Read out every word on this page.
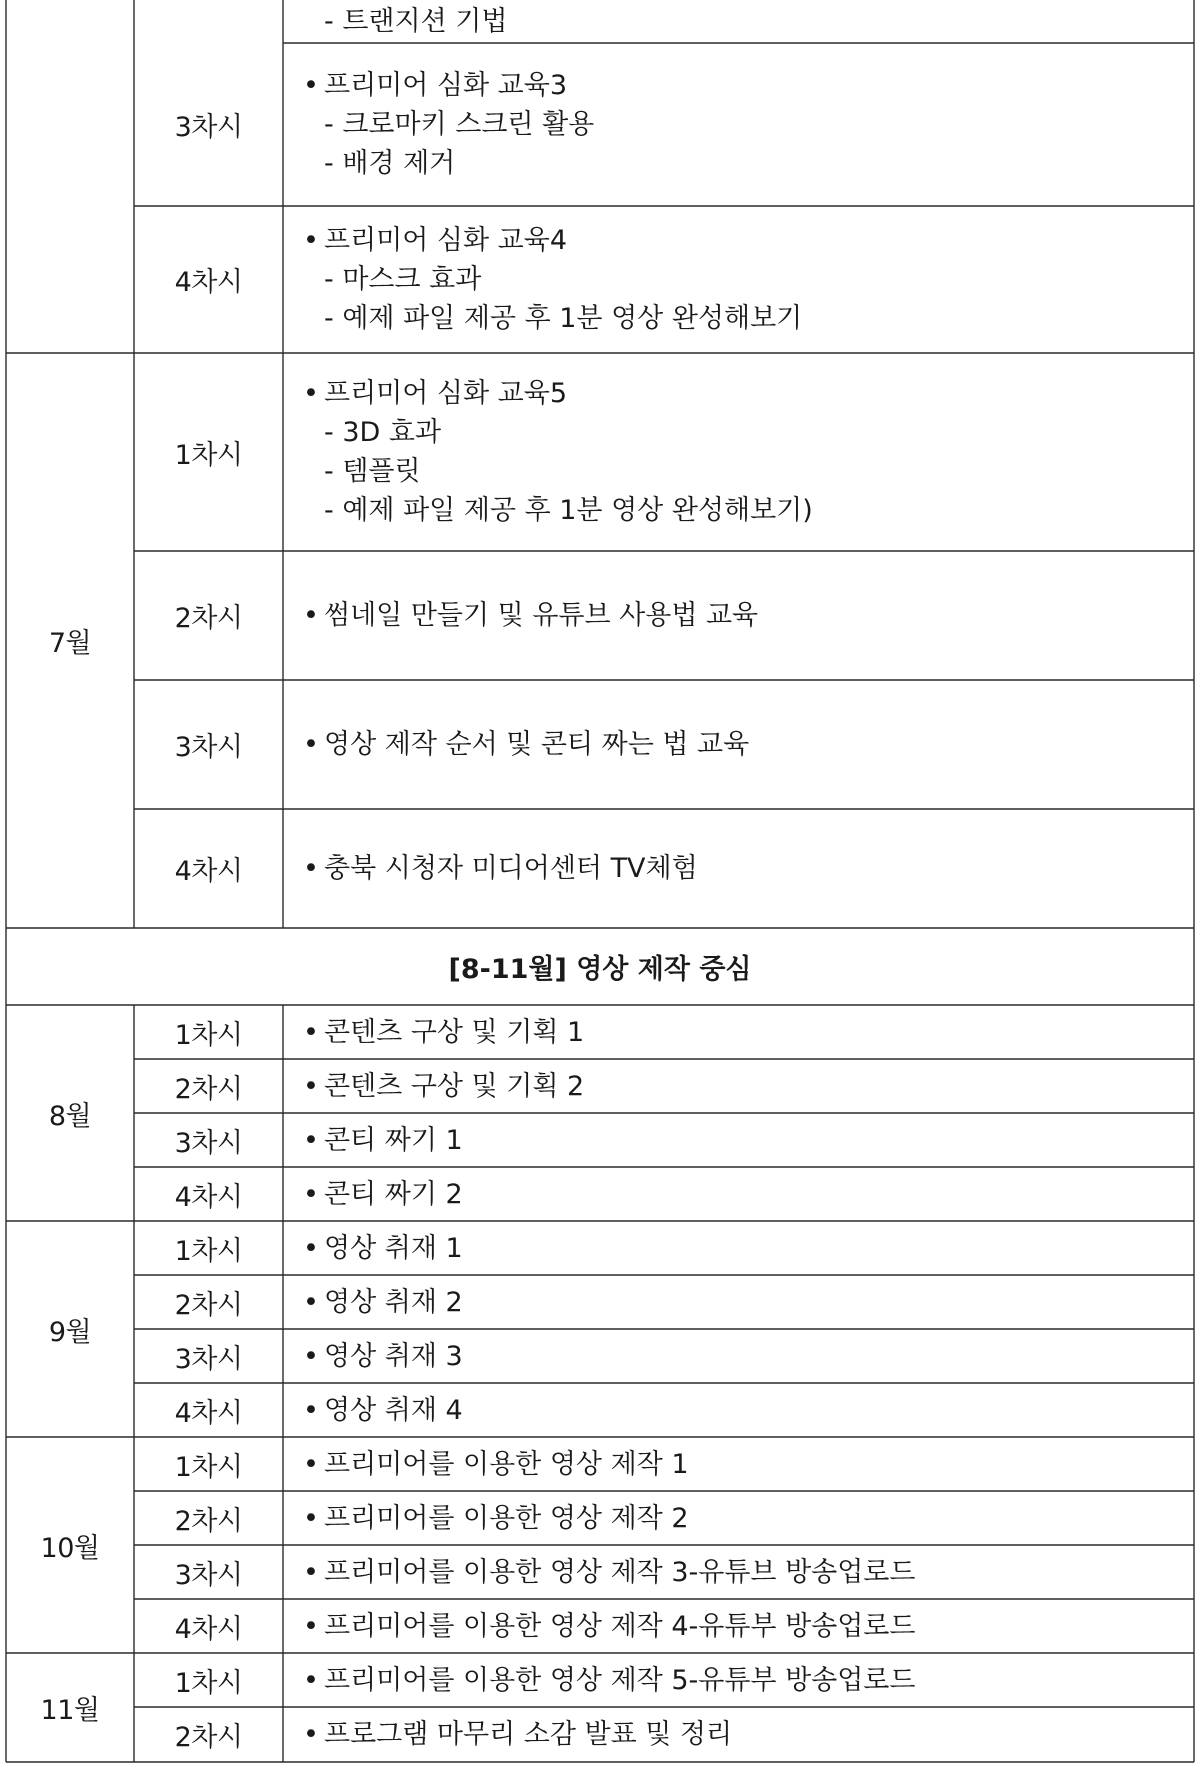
- 트랜지션 기법
3차시
• 프리미어 심화 교육3
- 크로마키 스크린 활용
- 배경 제거
4차시
• 프리미어 심화 교육4
- 마스크 효과
- 예제 파일 제공 후 1분 영상 완성해보기
1차시
• 프리미어 심화 교육5
- 3D 효과
- 템플릿
- 예제 파일 제공 후 1분 영상 완성해보기)
2차시 • 썸네일 만들기 및 유튜브 사용법 교육
3차시 • 영상 제작 순서 및 콘티 짜는 법 교육
4차시 • 충북 시청자 미디어센터 TV체험
7월
[8-11월] 영상 제작 중심
1차시 • 콘텐츠 구상 및 기획 1
2차시 • 콘텐츠 구상 및 기획 2
3차시 • 콘티 짜기 1
4차시 • 콘티 짜기 2
8월
1차시 • 영상 취재 1
2차시 • 영상 취재 2
3차시 • 영상 취재 3
4차시 • 영상 취재 4
9월
1차시 • 프리미어를 이용한 영상 제작 1
2차시 • 프리미어를 이용한 영상 제작 2
3차시 • 프리미어를 이용한 영상 제작 3-유튜브 방송업로드
4차시 • 프리미어를 이용한 영상 제작 4-유튜부 방송업로드
10월
1차시 • 프리미어를 이용한 영상 제작 5-유튜부 방송업로드
2차시 • 프로그램 마무리 소감 발표 및 정리
11월
